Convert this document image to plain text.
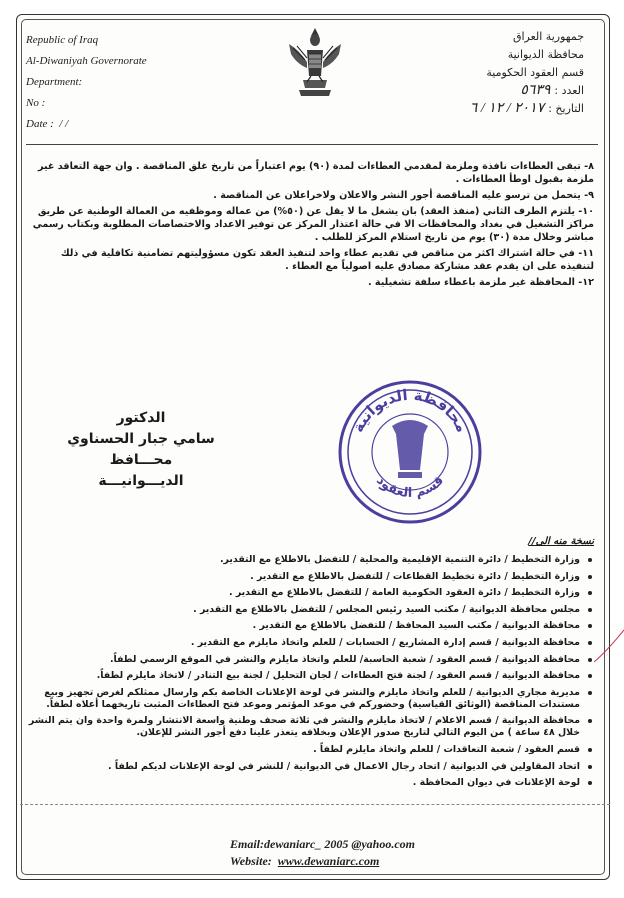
Republic of Iraq
Al-Diwaniyah Governorate
Department:
No :
Date : / /
جمهورية العراق
محافظة الديوانية
قسم العقود الحكومية
العدد :٥٦٣٩
التاريخ :٢٠١٧ / ١٢ / ٦

٨- تبقى العطاءات نافذة وملزمة لمقدمي العطاءات لمدة (٩٠) يوم اعتباراً من تاريخ غلق المناقصة . وان جهة التعاقد غير ملزمة بقبول اوطأ العطاءات .

٩- يتحمل من ترسو عليه المناقصة أجور النشر والاعلان ولاخراعلان عن المناقصة .

١٠- يلتزم الطرف الثاني (منفذ العقد) بان يشغل ما لا يقل عن (٥٠%) من عماله وموظفيه من العمالة الوطنية عن طريق مراكز التشغيل في بغداد والمحافظات الا في حالة اعتذار المركز عن توفير الاعداد والاختصاصات المطلوبة وبكتاب رسمي مباشر وخلال مدة (٣٠) يوم من تاريخ استلام المركز للطلب .

١١- في حالة اشتراك اكثر من مناقص في تقديم عطاء واحد لتنفيذ العقد تكون مسؤوليتهم تضامنية تكافلية في ذلك لتنفيذه على ان يقدم عقد مشاركة مصادق عليه اصولياً مع العطاء .

١٢- المحافظة غير ملزمة باعطاء سلفة تشغيلية .

الدكتور
سامي جبار الحسناوي
محـــافظ الديـــوانيـــة
محافظة الديوانية
قسم العقود
نسخة منه الى//
وزارة التخطيط / دائرة التنمية الإقليمية والمحلية / للتفضل بالاطلاع مع التقدير.
وزارة التخطيط / دائرة تخطيط القطاعات / للتفضل بالاطلاع مع التقدير .
وزارة التخطيط / دائرة العقود الحكومية العامة / للتفضل بالاطلاع مع التقدير .
مجلس محافظة الديوانية / مكتب السيد رئيس المجلس / للتفضل بالاطلاع مع التقدير .
محافظة الديوانية / مكتب السيد المحافظ / للتفضل بالاطلاع مع التقدير .
محافظة الديوانية / قسم إدارة المشاريع / الحسابات / للعلم واتخاذ مايلزم مع التقدير .
محافظة الديوانية / قسم العقود / شعبة الحاسبة/ للعلم واتخاذ مايلزم والنشر في الموقع الرسمي لطفاً.
محافظة الديوانية / قسم العقود / لجنة فتح العطاءات / لجان التحليل / لجنة بيع التنادر / لاتخاذ مايلزم لطفاً.
مديرية مجاري الديوانية / للعلم واتخاذ مايلزم والنشر في لوحة الإعلانات الخاصة بكم وارسال ممثلكم لغرض تجهيز وبيع مستندات المناقصة (الوثائق القياسية) وحضوركم في موعد المؤتمر وموعد فتح العطاءات المثبت تاريخهما أعلاه لطفاً.
محافظة الديوانية / قسم الاعلام / لاتخاذ مايلزم والنشر في ثلاثة صحف وطنية واسعة الانتشار ولمرة واحدة وان يتم النشر خلال ٤٨ ساعة ) من اليوم التالي لتاريخ صدور الإعلان وبخلافه يتعذر علينا دفع أجور النشر للإعلان.
قسم العقود / شعبة التعاقدات / للعلم واتخاذ مايلزم لطفاً .
اتحاد المقاولين في الديوانية / اتحاد رجال الاعمال في الديوانية / للنشر في لوحة الإعلانات لديكم لطفاً .
لوحة الإعلانات في ديوان المحافظة .
Email:dewaniarc_ 2005 @yahoo.com
Website: www.dewaniarc.com
